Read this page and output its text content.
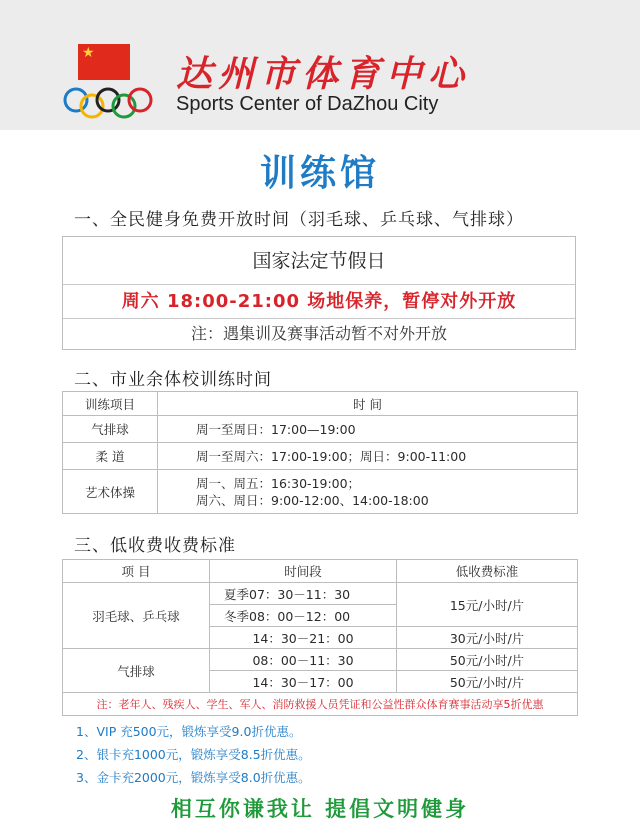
★ 达州市体育中心
Sports Center of DaZhou City
训练馆
一、全民健身免费开放时间（羽毛球、乒乓球、气排球）
国家法定节假日
周六 18:00-21:00 场地保养，暂停对外开放
注：遇集训及赛事活动暂不对外开放
二、市业余体校训练时间
训练项目	时 间
气排球	周一至周日：17:00—19:00
柔 道	周一至周六：17:00-19:00；周日：9:00-11:00
艺术体操	周一、周五：16:30-19:00；
周六、周日：9:00-12:00、14:00-18:00
三、低收费收费标准
项 目	时间段	低收费标准
羽毛球、乒乓球	夏季07：30－11：30	15元/小时/片
	冬季08：00－12：00	
	14：30－21：00	30元/小时/片
气排球	08：00－11：30	50元/小时/片
	14：30－17：00	50元/小时/片
注：老年人、残疾人、学生、军人、消防救援人员凭证和公益性群众体育赛事活动享5折优惠
1、VIP 充500元，锻炼享受9.0折优惠。
2、银卡充1000元，锻炼享受8.5折优惠。
3、金卡充2000元，锻炼享受8.0折优惠。
相互你谦我让 提倡文明健身
